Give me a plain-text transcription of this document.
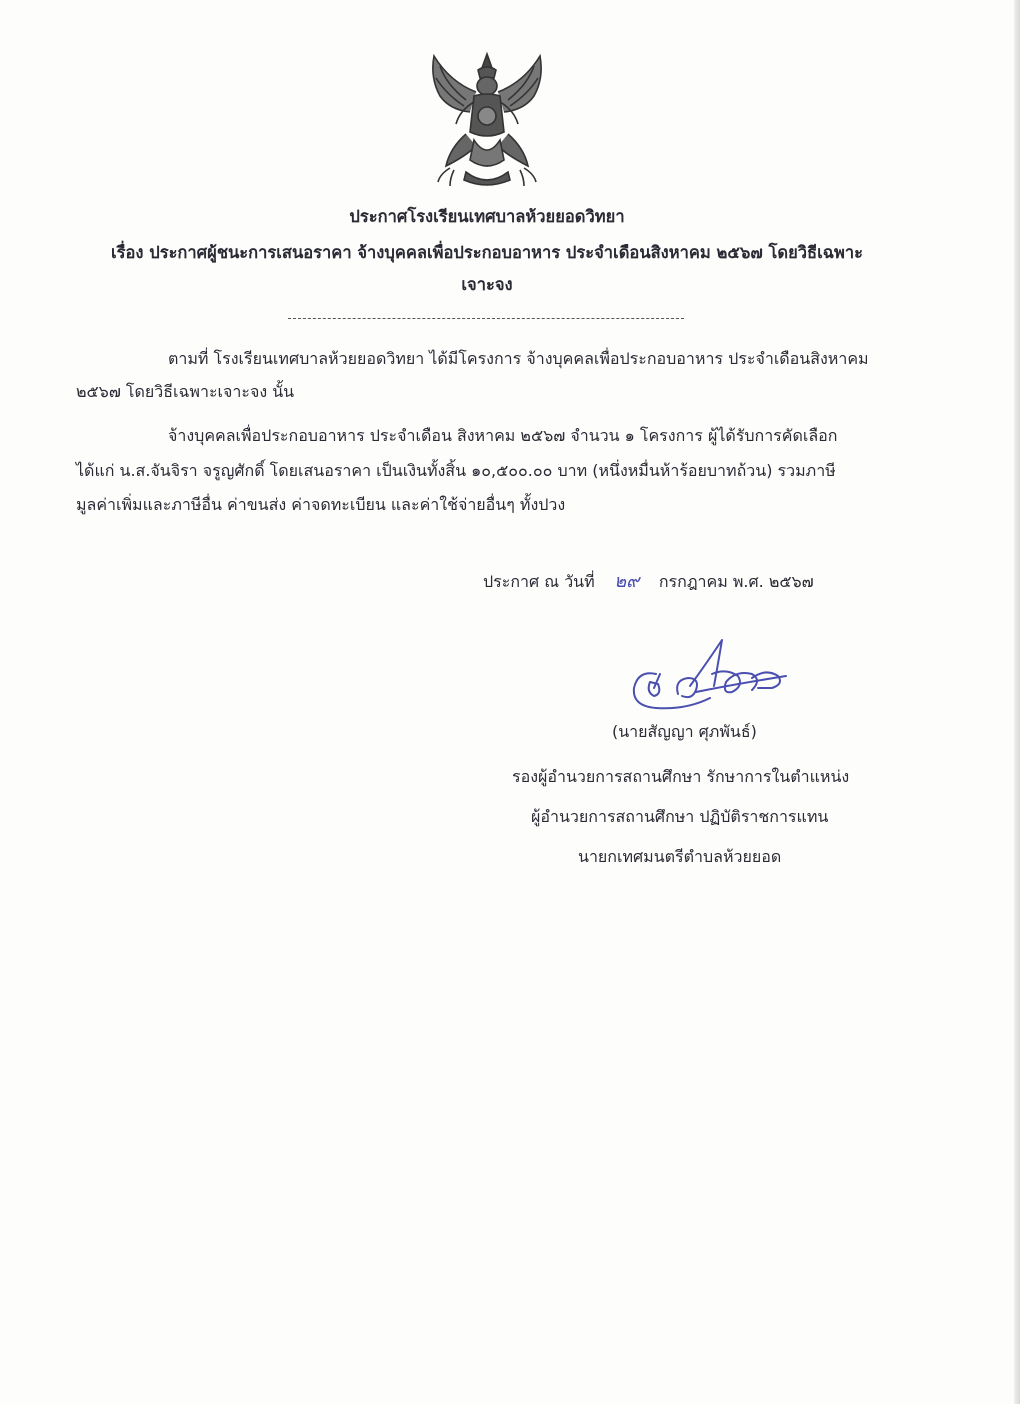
ประกาศโรงเรียนเทศบาลห้วยยอดวิทยา
เรื่อง ประกาศผู้ชนะการเสนอราคา จ้างบุคคลเพื่อประกอบอาหาร ประจำเดือนสิงหาคม ๒๕๖๗ โดยวิธีเฉพาะ
เจาะจง
ตามที่ โรงเรียนเทศบาลห้วยยอดวิทยา ได้มีโครงการ จ้างบุคคลเพื่อประกอบอาหาร ประจำเดือนสิงหาคม
๒๕๖๗ โดยวิธีเฉพาะเจาะจง นั้น
จ้างบุคคลเพื่อประกอบอาหาร ประจำเดือน สิงหาคม ๒๕๖๗ จำนวน ๑ โครงการ ผู้ได้รับการคัดเลือก
ได้แก่ น.ส.จันจิรา จรูญศักดิ์ โดยเสนอราคา เป็นเงินทั้งสิ้น ๑๐,๕๐๐.๐๐ บาท (หนึ่งหมื่นห้าร้อยบาทถ้วน) รวมภาษี
มูลค่าเพิ่มและภาษีอื่น ค่าขนส่ง ค่าจดทะเบียน และค่าใช้จ่ายอื่นๆ ทั้งปวง
ประกาศ ณ วันที่ ๒๙ กรกฎาคม พ.ศ. ๒๕๖๗
(นายสัญญา ศุภพันธ์)
รองผู้อำนวยการสถานศึกษา รักษาการในตำแหน่ง
ผู้อำนวยการสถานศึกษา ปฏิบัติราชการแทน
นายกเทศมนตรีตำบลห้วยยอด
